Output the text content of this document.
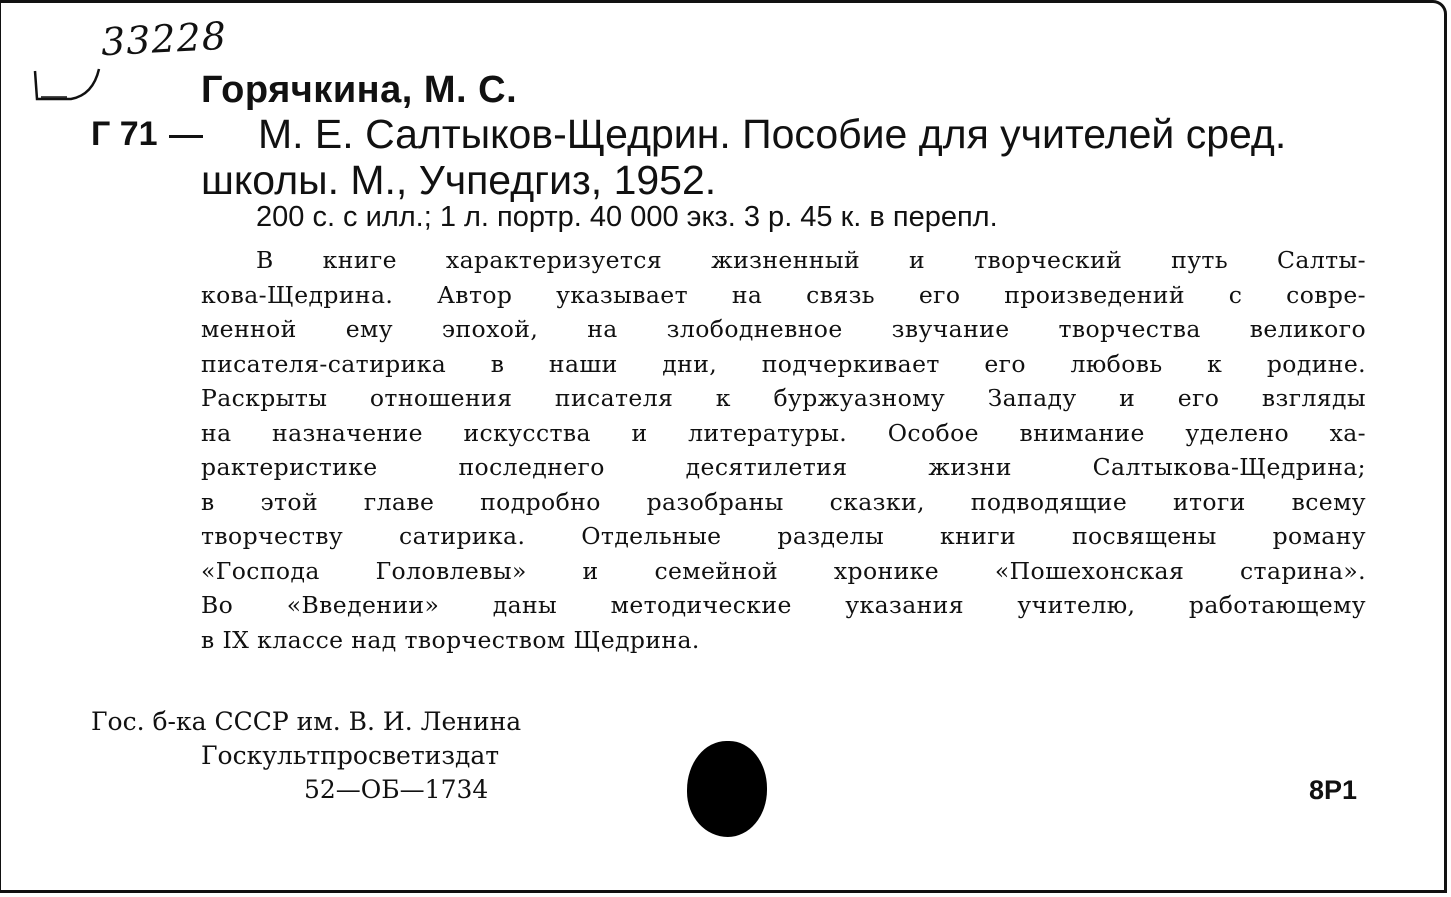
33228
Горячкина, М. С.
Г 71 М. Е. Салтыков-Щедрин. Пособие для учителей сред.
школы. М., Учпедгиз, 1952.
200 с. с илл.; 1 л. портр. 40 000 экз. 3 р. 45 к. в перепл.
В книге характеризуется жизненный и творческий путь Салты-
кова-Щедрина. Автор указывает на связь его произведений с совре-
менной ему эпохой, на злободневное звучание творчества великого
писателя-сатирика в наши дни, подчеркивает его любовь к родине.
Раскрыты отношения писателя к буржуазному Западу и его взгляды
на назначение искусства и литературы. Особое внимание уделено ха-
рактеристике последнего десятилетия жизни Салтыкова-Щедрина;
в этой главе подробно разобраны сказки, подводящие итоги всему
творчеству сатирика. Отдельные разделы книги посвящены роману
«Господа Головлевы» и семейной хронике «Пошехонская старина».
Во «Введении» даны методические указания учителю, работающему
в IX классе над творчеством Щедрина.
Гос. б-ка СССР им. В. И. Ленина
Госкультпросветиздат
52—ОБ—1734	8Р1
